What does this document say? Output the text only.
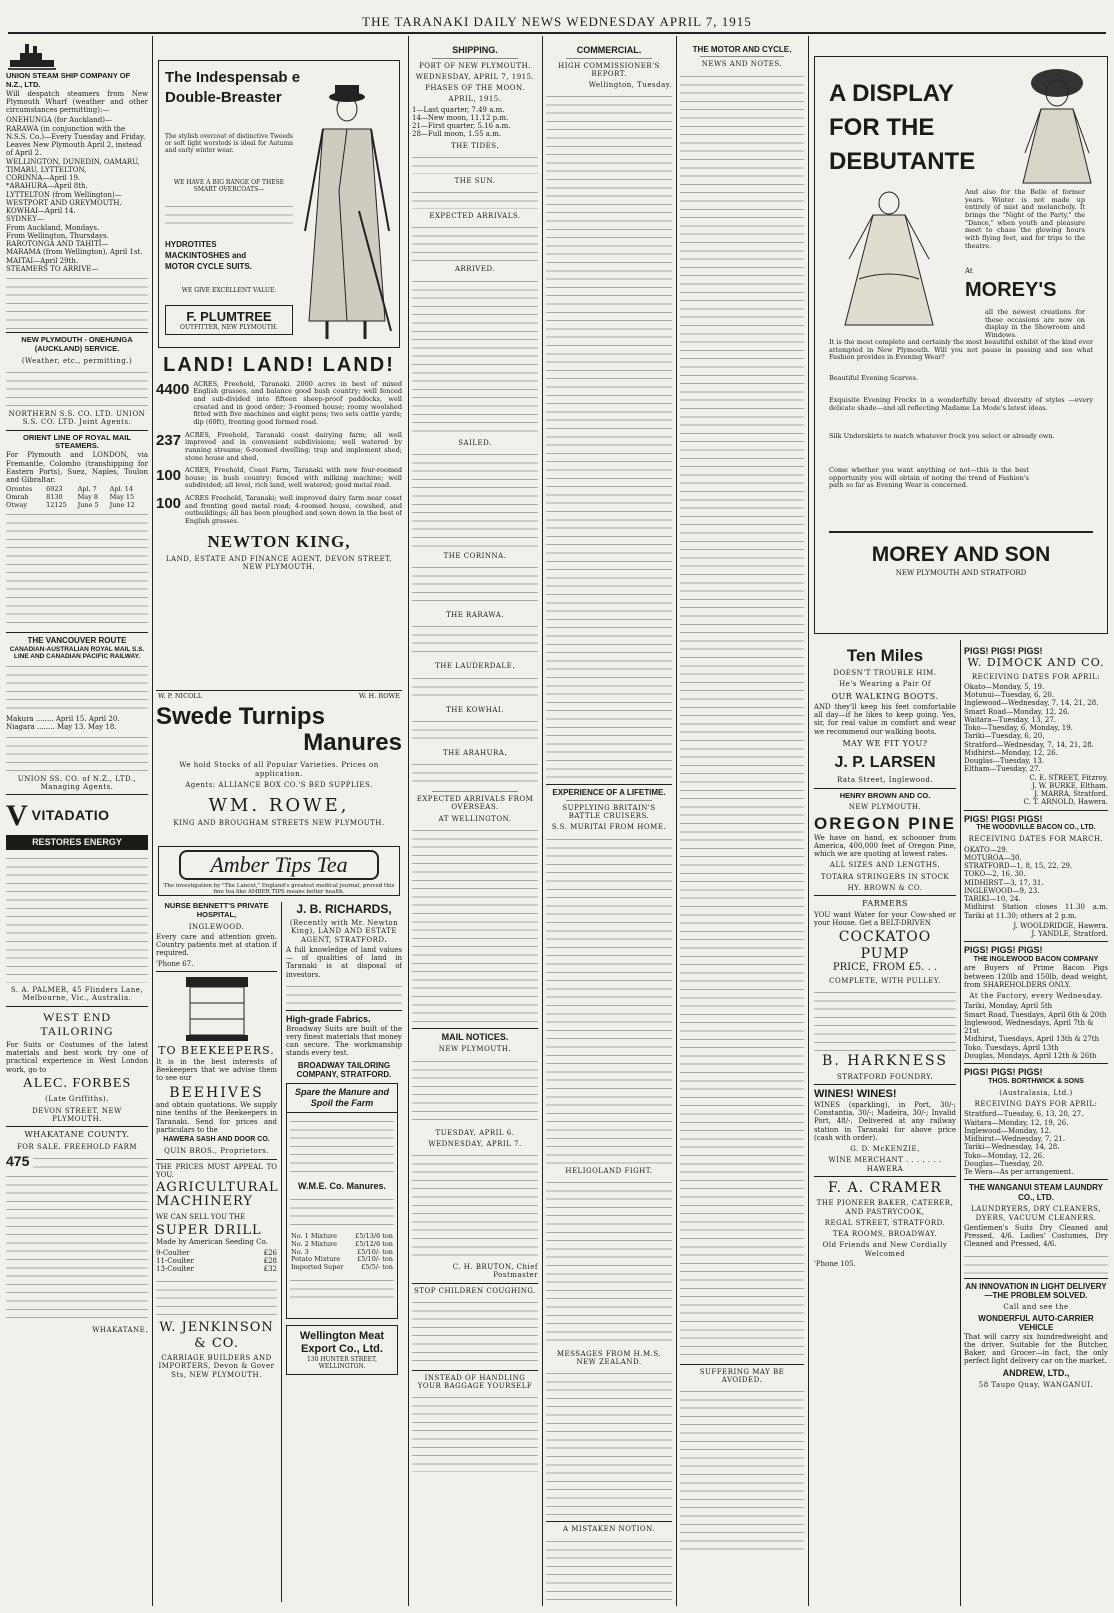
THE TARANAKI DAILY NEWS WEDNESDAY APRIL 7, 1915
UNION STEAM SHIP COMPANY OF N.Z., LTD.
Will despatch steamers from New Plymouth Wharf (weather and other circumstances permitting):—
ONEHUNGA (for Auckland)—
RARAWA (in conjunction with the N.S.S. Co.)—Every Tuesday and Friday.
Leaves New Plymouth April 2, instead of April 2.
WELLINGTON, DUNEDIN, OAMARU, TIMARU, LYTTELTON,
CORINNA—April 19.
*ARAHURA—April 8th.
LYTTELTON (from Wellington)—
WESTPORT AND GREYMOUTH.
KOWHAI—April 14.
SYDNEY—
From Auckland, Mondays.
From Wellington, Thursdays.
RAROTONGA AND TAHITI—
MARAMA (from Wellington), April 1st.
MAITAI—April 29th.
STEAMERS TO ARRIVE—
NEW PLYMOUTH - ONEHUNGA (AUCKLAND) SERVICE.
(Weather, etc., permitting.)
NORTHERN S.S. CO. LTD. UNION S.S. CO. LTD. Joint Agents.
ORIENT LINE OF ROYAL MAIL STEAMERS.
For Plymouth and LONDON, via Fremantle, Colombo (transhipping for Eastern Ports), Suez, Naples, Toulon and Gibraltar.
Orontes	6923	Apl. 7	Apl. 14
Omrah	8130	May 8	May 15
Otway	12125	June 5	June 12
THE VANCOUVER ROUTE
CANADIAN-AUSTRALIAN ROYAL MAIL S.S. LINE AND CANADIAN PACIFIC RAILWAY.
Makura ........ April 15. April 20.
Niagara ........ May 13. May 18.
UNION SS. CO. of N.Z., LTD., Managing Agents.
V VITADATIO
RESTORES ENERGY
S. A. PALMER, 45 Flinders Lane, Melbourne, Vic., Australia.
WEST END TAILORING
For Suits or Costumes of the latest materials and best work try one of practical experience in West London work, go to
ALEC. FORBES
(Late Griffiths).
DEVON STREET, NEW PLYMOUTH.
WHAKATANE COUNTY.
FOR SALE. FREEHOLD FARM
475
WHAKATANE.
The Indespensab e
Double-Breaster
The stylish overcoat of distinctive Tweeds or soft light worsteds is ideal for Autumn and early winter wear.
WE HAVE A BIG RANGE OF THESE SMART OVERCOATS—
HYDROTITES
MACKINTOSHES and
MOTOR CYCLE SUITS.
WE GIVE EXCELLENT VALUE.
F. PLUMTREE
OUTFITTER, NEW PLYMOUTH.
LAND! LAND! LAND!
4400 ACRES, Freehold, Taranaki. 2000 acres in best of mixed English grasses, and balance good bush country; well fenced and sub-divided into fifteen sheep-proof paddocks, well created and in good order; 3-roomed house; roomy woolshed fitted with five machines and eight pens; two sets cattle yards; dip (60ft), fronting good formed road.
237 ACRES, Freehold, Taranaki coast dairying farm; all well improved and in convenient subdivisions; well watered by running streams; 6-roomed dwelling; trap and implement shed; stone house and shed.
100 ACRES, Freehold, Coast Farm, Taranaki with new four-roomed house; in bush country; fenced with milking machine; well subdivided; all level, rich land, well watered; good metal road.
100 ACRES Freehold, Taranaki; well improved dairy farm near coast and fronting good metal road; 4-roomed house, cowshed, and outbuildings; all has been ploughed and sown down in the best of English grasses.
NEWTON KING,
LAND, ESTATE AND FINANCE AGENT, DEVON STREET, NEW PLYMOUTH.
W. P. NICOLL	W. H. ROWE
Swede Turnips
Manures
We hold Stocks of all Popular Varieties. Prices on application.
Agents: ALLIANCE BOX CO.'S BED SUPPLIES.
WM. ROWE,
KING AND BROUGHAM STREETS NEW PLYMOUTH.
Amber Tips Tea
The investigation by "The Lancet," England's greatest medical journal, proved this fine tea like AMBER TIPS means better health.
NURSE BENNETT'S PRIVATE HOSPITAL,
INGLEWOOD.
Every care and attention given. Country patients met at station if required.
'Phone 67.
TO BEEKEEPERS.
It is in the best interests of Beekeepers that we advise them to see our
BEEHIVES
and obtain quotations. We supply nine tenths of the Beekeepers in Taranaki. Send for prices and particulars to the
HAWERA SASH AND DOOR CO.
QUIN BROS., Proprietors.
THE PRICES MUST APPEAL TO YOU.
AGRICULTURAL MACHINERY
WE CAN SELL YOU THE
SUPER DRILL
Made by American Seeding Co.
9-Coulter	£26
11-Coulter	£28
13-Coulter	£32
W. JENKINSON & CO.
CARRIAGE BUILDERS AND IMPORTERS, Devon & Gover Sts, NEW PLYMOUTH.
J. B. RICHARDS,
(Recently with Mr. Newton King), LAND AND ESTATE AGENT, STRATFORD.
A full knowledge of land values — of qualities of land in Taranaki is at disposal of investors.
High-grade Fabrics.
Broadway Suits are built of the very finest materials that money can secure. The workmanship stands every test.
BROADWAY TAILORING COMPANY, STRATFORD.
Spare the Manure and Spoil the Farm
W.M.E. Co. Manures.
No. 1 Mixture	£5/13/6 ton
No. 2 Mixture	£5/12/6 ton
No. 3	£5/10/- ton
Potato Mixture	£5/10/- ton
Imported Super	£5/5/- ton
Wellington Meat Export Co., Ltd.
130 HUNTER STREET, WELLINGTON.
SHIPPING.
PORT OF NEW PLYMOUTH.
WEDNESDAY, APRIL 7, 1915.
PHASES OF THE MOON.
APRIL, 1915.
1—Last quarter, 7.49 a.m.
14—New moon, 11.12 p.m.
21—First quarter, 5.16 a.m.
28—Full moon, 1.55 a.m.
THE TIDES.
THE SUN.
EXPECTED ARRIVALS.
ARRIVED.
SAILED.
THE CORINNA.
THE RARAWA.
THE LAUDERDALE.
THE KOWHAI.
THE ARAHURA.
EXPECTED ARRIVALS FROM OVERSEAS.
AT WELLINGTON.
MAIL NOTICES.
NEW PLYMOUTH.
TUESDAY, APRIL 6.
WEDNESDAY, APRIL 7.
C. H. BRUTON, Chief Postmaster
STOP CHILDREN COUGHING.
INSTEAD OF HANDLING YOUR BAGGAGE YOURSELF
COMMERCIAL.
HIGH COMMISSIONER'S REPORT.
Wellington, Tuesday.
EXPERIENCE OF A LIFETIME.
SUPPLYING BRITAIN'S BATTLE CRUISERS.
S.S. MURITAI FROM HOME.
HELIGOLAND FIGHT.
MESSAGES FROM H.M.S. NEW ZEALAND.
A MISTAKEN NOTION.
THE MOTOR AND CYCLE.
NEWS AND NOTES.
SUFFERING MAY BE AVOIDED.
A DISPLAY
FOR THE
DEBUTANTE
And also for the Belle of former years. Winter is not made up entirely of mist and melancholy. It brings the "Night of the Party," the "Dance," when youth and pleasure meet to chase the glowing hours with flying feet, and for trips to the theatre.
At
MOREY'S
all the newest creations for these occasions are now on display in the Showroom and Windows.
It is the most complete and certainly the most beautiful exhibit of the kind ever attempted in New Plymouth. Will you not pause in passing and see what Fashion provides in Evening Wear?
Beautiful Evening Scarves.
Exquisite Evening Frocks in a wonderfully broad diversity of styles —every delicate shade—and all reflecting Madame La Mode's latest ideas.
Silk Underskirts to match whatever frock you select or already own.
Come whether you want anything or not—this is the best opportunity you will obtain of noting the trend of Fashion's path so far as Evening Wear is concerned.
MOREY AND SON
NEW PLYMOUTH AND STRATFORD
Ten Miles
DOESN'T TROUBLE HIM.
He's Wearing a Pair Of
OUR WALKING BOOTS.
AND they'll keep his feet comfortable all day—if he likes to keep going. Yes, sir, for real value in comfort and wear we recommend our walking boots.
MAY WE FIT YOU?
J. P. LARSEN
Rata Street, Inglewood.
HENRY BROWN AND CO.
NEW PLYMOUTH.
OREGON PINE
We have on hand, ex schooner from America, 400,000 feet of Oregon Pine, which we are quoting at lowest rates.
ALL SIZES AND LENGTHS.
TOTARA STRINGERS IN STOCK
HY. BROWN & CO.
FARMERS
YOU want Water for your Cow-shed or your House. Get a BELT-DRIVEN
COCKATOO PUMP
PRICE, FROM £5. . .
COMPLETE, WITH PULLEY.
B. HARKNESS
STRATFORD FOUNDRY.
WINES! WINES!
WINES (sparkling), in Port, 30/-; Constantia, 30/-; Madeira, 30/-; Invalid Port, 48/-. Delivered at any railway station in Taranaki for above price (cash with order).
G. D. McKENZIE,
WINE MERCHANT . . . . . . . HAWERA
F. A. CRAMER
THE PIONEER BAKER, CATERER, AND PASTRYCOOK,
REGAL STREET, STRATFORD.
TEA ROOMS, BROADWAY.
Old Friends and New Cordially Welcomed
'Phone 105.
PIGS! PIGS! PIGS!
W. DIMOCK AND CO.
RECEIVING DATES FOR APRIL:
Okato—Monday, 5, 19.
Motunui—Tuesday, 6, 20.
Inglewood—Wednesday, 7, 14, 21, 28.
Smart Road—Monday, 12, 26.
Waitara—Tuesday, 13, 27.
Toko—Tuesday, 6, Monday, 19.
Tariki—Tuesday, 6, 20.
Stratford—Wednesday, 7, 14, 21, 28.
Midhirst—Monday, 12, 26.
Douglas—Tuesday, 13.
Eltham—Tuesday, 27.
C. E. STREET, Fitzroy.
J. W. BURKE, Eltham.
J. MARRA, Stratford.
C. T. ARNOLD, Hawera.
PIGS! PIGS! PIGS!
THE WOODVILLE BACON CO., LTD.
RECEIVING DATES FOR MARCH.
OKATO—29.
MOTUROA—30.
STRATFORD—1, 8, 15, 22, 29.
TOKO—2, 16, 30.
MIDHIRST—3, 17, 31.
INGLEWOOD—9, 23.
TARIKI—10, 24.
Midhirst Station closes 11.30 a.m. Tariki at 11.30; others at 2 p.m.
J. WOOLDRIDGE, Hawera.
J. YANDLE, Stratford.
PIGS! PIGS! PIGS!
THE INGLEWOOD BACON COMPANY
are Buyers of Prime Bacon Pigs between 120lb and 150lb, dead weight, from SHAREHOLDERS ONLY.
At the Factory, every Wednesday.
Tariki, Monday, April 5th
Smart Road, Tuesdays, April 6th & 20th
Inglewood, Wednesdays, April 7th & 21st
Midhirst, Tuesdays, April 13th & 27th
Toko, Tuesdays, April 13th
Douglas, Mondays, April 12th & 26th
PIGS! PIGS! PIGS!
THOS. BORTHWICK & SONS
(Australasia, Ltd.)
RECEIVING DAYS FOR APRIL:
Stratford—Tuesday, 6, 13, 20, 27.
Waitara—Monday, 12, 19, 26.
Inglewood—Monday, 12.
Midhirst—Wednesday, 7, 21.
Tariki—Wednesday, 14, 28.
Toko—Monday, 12, 26.
Douglas—Tuesday, 20.
Te Wera—As per arrangement.
THE WANGANUI STEAM LAUNDRY CO., LTD.
LAUNDRYERS, DRY CLEANERS, DYERS, VACUUM CLEANERS.
Gentlemen's Suits Dry Cleaned and Pressed, 4/6. Ladies' Costumes, Dry Cleaned and Pressed, 4/6.
AN INNOVATION IN LIGHT DELIVERY—THE PROBLEM SOLVED.
Call and see the
WONDERFUL AUTO-CARRIER VEHICLE
That will carry six hundredweight and the driver. Suitable for the Butcher, Baker, and Grocer—in fact, the only perfect light delivery car on the market.
ANDREW, LTD.,
58 Taupo Quay, WANGANUI.
